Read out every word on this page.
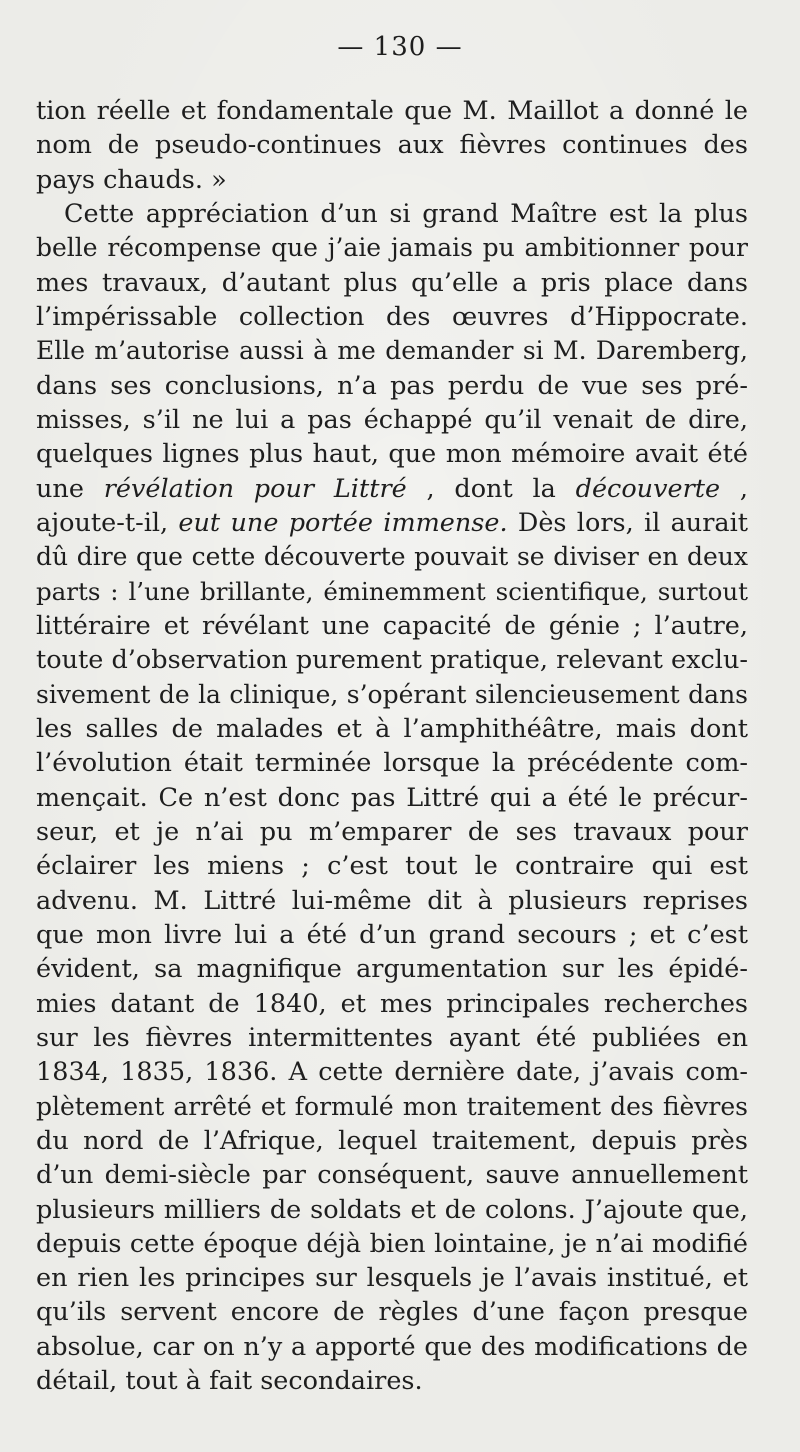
— 130 —
tion réelle et fondamentale que M. Maillot a donné le
nom de pseudo-continues aux fièvres continues des
pays chauds. »
Cette appréciation d’un si grand Maître est la plus
belle récompense que j’aie jamais pu ambitionner pour
mes travaux, d’autant plus qu’elle a pris place dans
l’impérissable collection des œuvres d’Hippocrate.
Elle m’autorise aussi à me demander si M. Daremberg,
dans ses conclusions, n’a pas perdu de vue ses pré-
misses, s’il ne lui a pas échappé qu’il venait de dire,
quelques lignes plus haut, que mon mémoire avait été
une révélation pour Littré , dont la découverte ,
ajoute-t-il, eut une portée immense. Dès lors, il aurait
dû dire que cette découverte pouvait se diviser en deux
parts : l’une brillante, éminemment scientifique, surtout
littéraire et révélant une capacité de génie ; l’autre,
toute d’observation purement pratique, relevant exclu-
sivement de la clinique, s’opérant silencieusement dans
les salles de malades et à l’amphithéâtre, mais dont
l’évolution était terminée lorsque la précédente com-
mençait. Ce n’est donc pas Littré qui a été le précur-
seur, et je n’ai pu m’emparer de ses travaux pour
éclairer les miens ; c’est tout le contraire qui est
advenu. M. Littré lui-même dit à plusieurs reprises
que mon livre lui a été d’un grand secours ; et c’est
évident, sa magnifique argumentation sur les épidé-
mies datant de 1840, et mes principales recherches
sur les fièvres intermittentes ayant été publiées en
1834, 1835, 1836. A cette dernière date, j’avais com-
plètement arrêté et formulé mon traitement des fièvres
du nord de l’Afrique, lequel traitement, depuis près
d’un demi-siècle par conséquent, sauve annuellement
plusieurs milliers de soldats et de colons. J’ajoute que,
depuis cette époque déjà bien lointaine, je n’ai modifié
en rien les principes sur lesquels je l’avais institué, et
qu’ils servent encore de règles d’une façon presque
absolue, car on n’y a apporté que des modifications de
détail, tout à fait secondaires.
